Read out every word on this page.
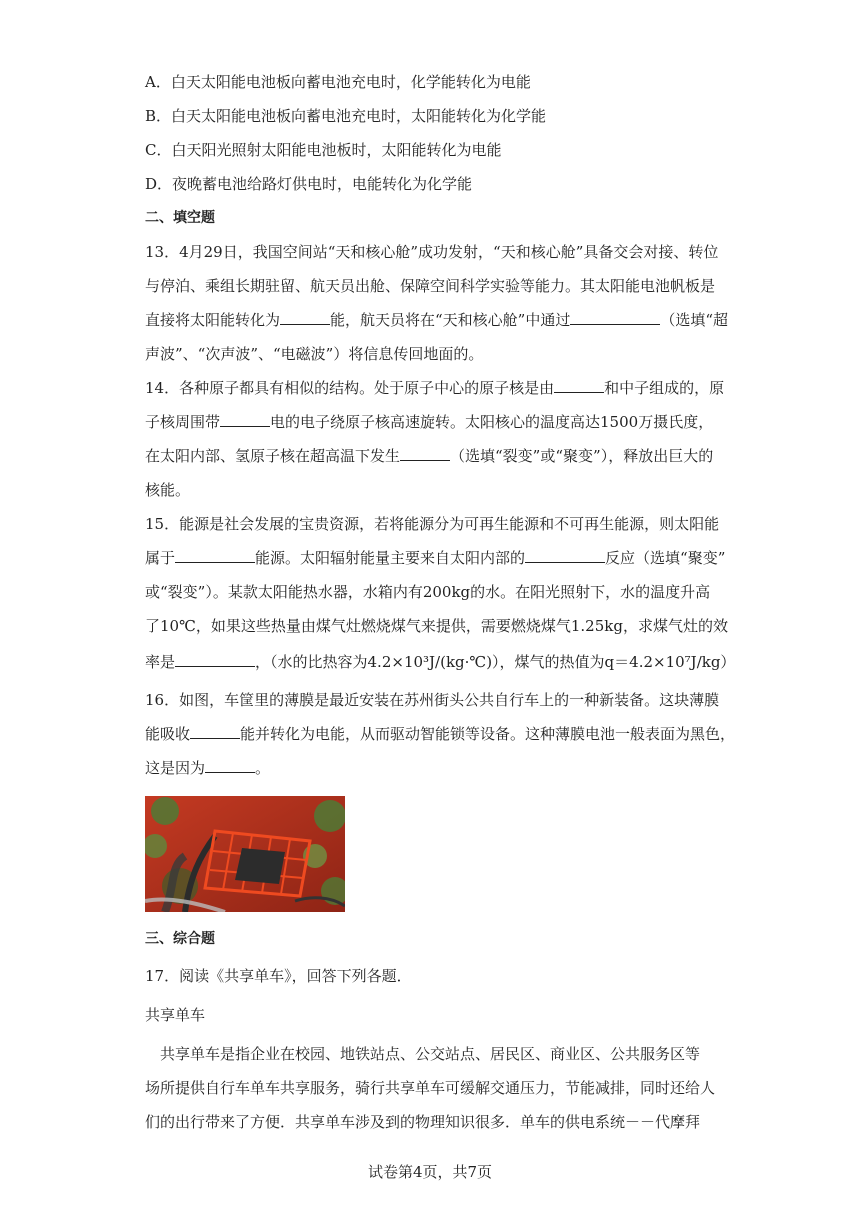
A．白天太阳能电池板向蓄电池充电时，化学能转化为电能
B．白天太阳能电池板向蓄电池充电时，太阳能转化为化学能
C．白天阳光照射太阳能电池板时，太阳能转化为电能
D．夜晚蓄电池给路灯供电时，电能转化为化学能
二、填空题
13．4月29日，我国空间站“天和核心舱”成功发射，“天和核心舱”具备交会对接、转位
与停泊、乘组长期驻留、航天员出舱、保障空间科学实验等能力。其太阳能电池帆板是
直接将太阳能转化为	能，航天员将在“天和核心舱”中通过	（选填“超
声波”、“次声波”、“电磁波”）将信息传回地面的。
14．各种原子都具有相似的结构。处于原子中心的原子核是由	和中子组成的，原
子核周围带	电的电子绕原子核高速旋转。太阳核心的温度高达1500万摄氏度，
在太阳内部、氢原子核在超高温下发生	（选填“裂变”或“聚变”），释放出巨大的
核能。
15．能源是社会发展的宝贵资源，若将能源分为可再生能源和不可再生能源，则太阳能
属于	能源。太阳辐射能量主要来自太阳内部的	反应（选填“聚变”
或“裂变”）。某款太阳能热水器，水箱内有200kg的水。在阳光照射下，水的温度升高
了10℃，如果这些热量由煤气灶燃烧煤气来提供，需要燃烧煤气1.25kg，求煤气灶的效
率是	，（水的比热容为4.2×10³J/(kg·℃)），煤气的热值为q＝4.2×10⁷J/kg）
16．如图，车筐里的薄膜是最近安装在苏州街头公共自行车上的一种新装备。这块薄膜
能吸收	能并转化为电能，从而驱动智能锁等设备。这种薄膜电池一般表面为黑色，
这是因为	。
三、综合题
17．阅读《共享单车》，回答下列各题．
共享单车
共享单车是指企业在校园、地铁站点、公交站点、居民区、商业区、公共服务区等
场所提供自行车单车共享服务，骑行共享单车可缓解交通压力，节能减排，同时还给人
们的出行带来了方便．共享单车涉及到的物理知识很多．单车的供电系统－－代摩拜
试卷第4页，共7页
